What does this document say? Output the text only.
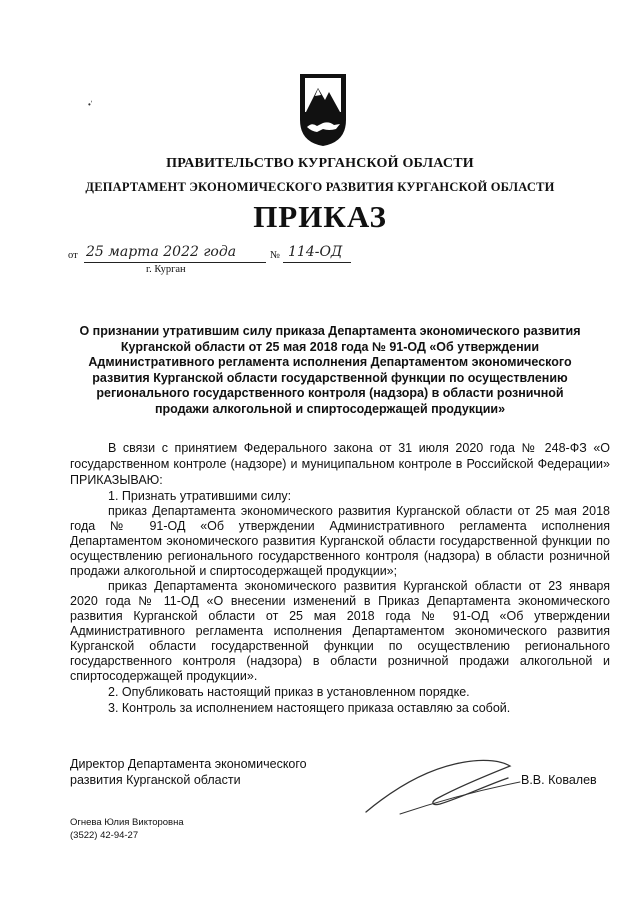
•ʼ
ПРАВИТЕЛЬСТВО КУРГАНСКОЙ ОБЛАСТИ
ДЕПАРТАМЕНТ ЭКОНОМИЧЕСКОГО РАЗВИТИЯ КУРГАНСКОЙ ОБЛАСТИ
ПРИКАЗ
от 25 марта 2022 года	№ 114-ОД
г. Курган
О признании утратившим силу приказа Департамента экономического развития Курганской области от 25 мая 2018 года № 91-ОД «Об утверждении Административного регламента исполнения Департаментом экономического развития Курганской области государственной функции по осуществлению регионального государственного контроля (надзора) в области розничной продажи алкогольной и спиртосодержащей продукции»

В связи с принятием Федерального закона от 31 июля 2020 года № 248-ФЗ «О государственном контроле (надзоре) и муниципальном контроле в Российской Федерации» ПРИКАЗЫВАЮ:

1. Признать утратившими силу:

приказ Департамента экономического развития Курганской области от 25 мая 2018 года № 91-ОД «Об утверждении Административного регламента исполнения Департаментом экономического развития Курганской области государственной функции по осуществлению регионального государственного контроля (надзора) в области розничной продажи алкогольной и спиртосодержащей продукции»;

приказ Департамента экономического развития Курганской области от 23 января 2020 года № 11-ОД «О внесении изменений в Приказ Департамента экономического развития Курганской области от 25 мая 2018 года № 91-ОД «Об утверждении Административного регламента исполнения Департаментом экономического развития Курганской области государственной функции по осуществлению регионального государственного контроля (надзора) в области розничной продажи алкогольной и спиртосодержащей продукции».

2. Опубликовать настоящий приказ в установленном порядке.

3. Контроль за исполнением настоящего приказа оставляю за собой.

Директор Департамента экономического
развития Курганской области	В.В. Ковалев
Огнева Юлия Викторовна
(3522) 42-94-27
